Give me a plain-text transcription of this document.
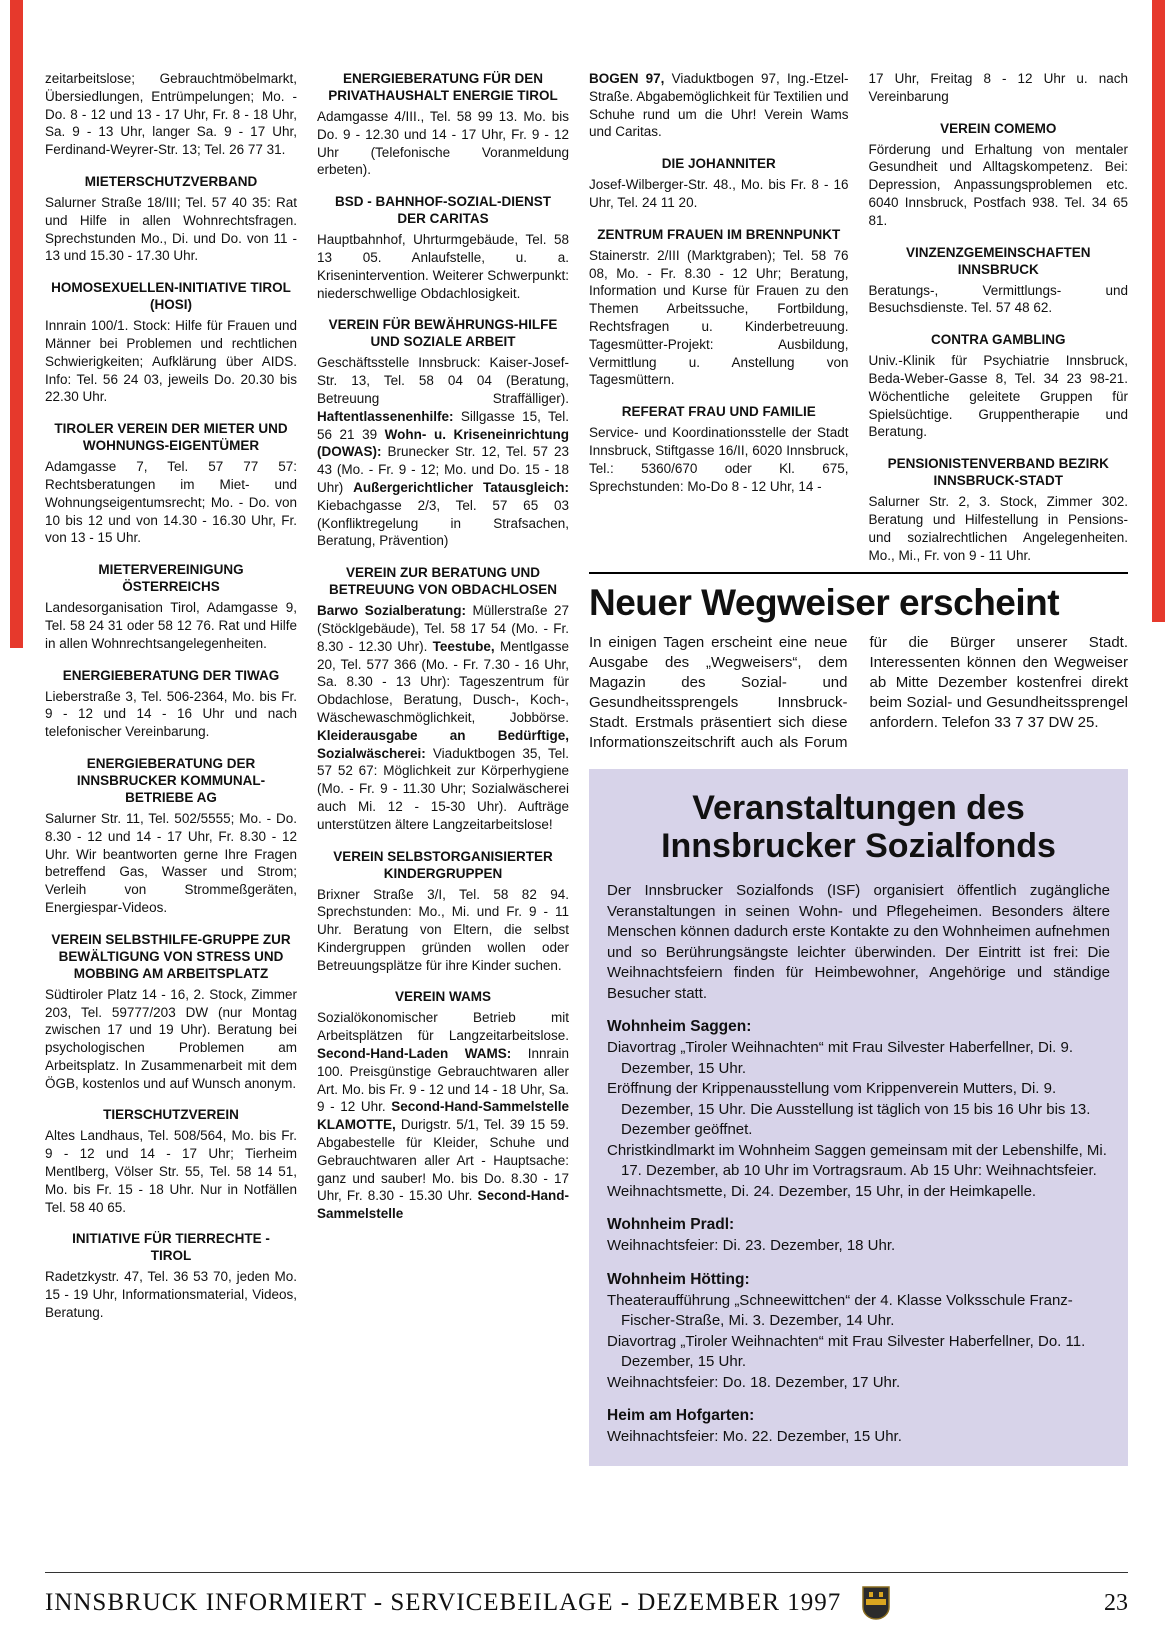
zeitarbeitslose; Gebrauchtmöbelmarkt, Übersiedlungen, Entrümpelungen; Mo. - Do. 8 - 12 und 13 - 17 Uhr, Fr. 8 - 18 Uhr, Sa. 9 - 13 Uhr, langer Sa. 9 - 17 Uhr, Ferdinand-Weyrer-Str. 13; Tel. 26 77 31.

MIETERSCHUTZVERBAND

Salurner Straße 18/III; Tel. 57 40 35: Rat und Hilfe in allen Wohnrechtsfragen. Sprechstunden Mo., Di. und Do. von 11 - 13 und 15.30 - 17.30 Uhr.

HOMOSEXUELLEN-INITIATIVE TIROL (HOSI)

Innrain 100/1. Stock: Hilfe für Frauen und Männer bei Problemen und rechtlichen Schwierigkeiten; Aufklärung über AIDS. Info: Tel. 56 24 03, jeweils Do. 20.30 bis 22.30 Uhr.

TIROLER VEREIN DER MIETER UND WOHNUNGS-EIGENTÜMER

Adamgasse 7, Tel. 57 77 57: Rechtsberatungen im Miet- und Wohnungseigentumsrecht; Mo. - Do. von 10 bis 12 und von 14.30 - 16.30 Uhr, Fr. von 13 - 15 Uhr.

MIETERVEREINIGUNG ÖSTERREICHS

Landesorganisation Tirol, Adamgasse 9, Tel. 58 24 31 oder 58 12 76. Rat und Hilfe in allen Wohnrechtsangelegenheiten.

ENERGIEBERATUNG DER TIWAG

Lieberstraße 3, Tel. 506-2364, Mo. bis Fr. 9 - 12 und 14 - 16 Uhr und nach telefonischer Vereinbarung.

ENERGIEBERATUNG DER INNSBRUCKER KOMMUNAL-BETRIEBE AG

Salurner Str. 11, Tel. 502/5555; Mo. - Do. 8.30 - 12 und 14 - 17 Uhr, Fr. 8.30 - 12 Uhr. Wir beantworten gerne Ihre Fragen betreffend Gas, Wasser und Strom; Verleih von Strommeßgeräten, Energiespar-Videos.

VEREIN SELBSTHILFE-GRUPPE ZUR BEWÄLTIGUNG VON STRESS UND MOBBING AM ARBEITSPLATZ

Südtiroler Platz 14 - 16, 2. Stock, Zimmer 203, Tel. 59777/203 DW (nur Montag zwischen 17 und 19 Uhr). Beratung bei psychologischen Problemen am Arbeitsplatz. In Zusammenarbeit mit dem ÖGB, kostenlos und auf Wunsch anonym.

TIERSCHUTZVEREIN

Altes Landhaus, Tel. 508/564, Mo. bis Fr. 9 - 12 und 14 - 17 Uhr; Tierheim Mentlberg, Völser Str. 55, Tel. 58 14 51, Mo. bis Fr. 15 - 18 Uhr. Nur in Notfällen Tel. 58 40 65.

INITIATIVE FÜR TIERRECHTE - TIROL

Radetzkystr. 47, Tel. 36 53 70, jeden Mo. 15 - 19 Uhr, Informationsmaterial, Videos, Beratung.

ENERGIEBERATUNG FÜR DEN PRIVATHAUSHALT ENERGIE TIROL

Adamgasse 4/III., Tel. 58 99 13. Mo. bis Do. 9 - 12.30 und 14 - 17 Uhr, Fr. 9 - 12 Uhr (Telefonische Voranmeldung erbeten).

BSD - BAHNHOF-SOZIAL-DIENST DER CARITAS

Hauptbahnhof, Uhrturmgebäude, Tel. 58 13 05. Anlaufstelle, u. a. Krisenintervention. Weiterer Schwerpunkt: niederschwellige Obdachlosigkeit.

VEREIN FÜR BEWÄHRUNGS-HILFE UND SOZIALE ARBEIT

Geschäftsstelle Innsbruck: Kaiser-Josef-Str. 13, Tel. 58 04 04 (Beratung, Betreuung Straffälliger). Haftentlassenenhilfe: Sillgasse 15, Tel. 56 21 39 Wohn- u. Kriseneinrichtung (DOWAS): Brunecker Str. 12, Tel. 57 23 43 (Mo. - Fr. 9 - 12; Mo. und Do. 15 - 18 Uhr) Außergerichtlicher Tatausgleich: Kiebachgasse 2/3, Tel. 57 65 03 (Konfliktregelung in Strafsachen, Beratung, Prävention)

VEREIN ZUR BERATUNG UND BETREUUNG VON OBDACHLOSEN

Barwo Sozialberatung: Müllerstraße 27 (Stöcklgebäude), Tel. 58 17 54 (Mo. - Fr. 8.30 - 12.30 Uhr). Teestube, Mentlgasse 20, Tel. 577 366 (Mo. - Fr. 7.30 - 16 Uhr, Sa. 8.30 - 13 Uhr): Tageszentrum für Obdachlose, Beratung, Dusch-, Koch-, Wäschewaschmöglichkeit, Jobbörse. Kleiderausgabe an Bedürftige, Sozialwäscherei: Viaduktbogen 35, Tel. 57 52 67: Möglichkeit zur Körperhygiene (Mo. - Fr. 9 - 11.30 Uhr; Sozialwäscherei auch Mi. 12 - 15-30 Uhr). Aufträge unterstützen ältere Langzeitarbeitslose!

VEREIN SELBSTORGANISIERTER KINDERGRUPPEN

Brixner Straße 3/I, Tel. 58 82 94. Sprechstunden: Mo., Mi. und Fr. 9 - 11 Uhr. Beratung von Eltern, die selbst Kindergruppen gründen wollen oder Betreuungsplätze für ihre Kinder suchen.

VEREIN WAMS

Sozialökonomischer Betrieb mit Arbeitsplätzen für Langzeitarbeitslose. Second-Hand-Laden WAMS: Innrain 100. Preisgünstige Gebrauchtwaren aller Art. Mo. bis Fr. 9 - 12 und 14 - 18 Uhr, Sa. 9 - 12 Uhr. Second-Hand-Sammelstelle KLAMOTTE, Durigstr. 5/1, Tel. 39 15 59. Abgabestelle für Kleider, Schuhe und Gebrauchtwaren aller Art - Hauptsache: ganz und sauber! Mo. bis Do. 8.30 - 17 Uhr, Fr. 8.30 - 15.30 Uhr. Second-Hand-Sammelstelle

BOGEN 97, Viaduktbogen 97, Ing.-Etzel-Straße. Abgabemöglichkeit für Textilien und Schuhe rund um die Uhr! Verein Wams und Caritas.

DIE JOHANNITER

Josef-Wilberger-Str. 48., Mo. bis Fr. 8 - 16 Uhr, Tel. 24 11 20.

ZENTRUM FRAUEN IM BRENNPUNKT

Stainerstr. 2/III (Marktgraben); Tel. 58 76 08, Mo. - Fr. 8.30 - 12 Uhr; Beratung, Information und Kurse für Frauen zu den Themen Arbeitssuche, Fortbildung, Rechtsfragen u. Kinderbetreuung. Tagesmütter-Projekt: Ausbildung, Vermittlung u. Anstellung von Tagesmüttern.

REFERAT FRAU UND FAMILIE

Service- und Koordinationsstelle der Stadt Innsbruck, Stiftgasse 16/II, 6020 Innsbruck, Tel.: 5360/670 oder Kl. 675, Sprechstunden: Mo-Do 8 - 12 Uhr, 14 -

17 Uhr, Freitag 8 - 12 Uhr u. nach Vereinbarung

VEREIN COMEMO

Förderung und Erhaltung von mentaler Gesundheit und Alltagskompetenz. Bei: Depression, Anpassungsproblemen etc. 6040 Innsbruck, Postfach 938. Tel. 34 65 81.

VINZENZGEMEINSCHAFTEN INNSBRUCK

Beratungs-, Vermittlungs- und Besuchsdienste. Tel. 57 48 62.

CONTRA GAMBLING

Univ.-Klinik für Psychiatrie Innsbruck, Beda-Weber-Gasse 8, Tel. 34 23 98-21. Wöchentliche geleitete Gruppen für Spielsüchtige. Gruppentherapie und Beratung.

PENSIONISTENVERBAND BEZIRK INNSBRUCK-STADT

Salurner Str. 2, 3. Stock, Zimmer 302. Beratung und Hilfestellung in Pensions- und sozialrechtlichen Angelegenheiten. Mo., Mi., Fr. von 9 - 11 Uhr.

Neuer Wegweiser erscheint
In einigen Tagen erscheint eine neue Ausgabe des „Wegweisers“, dem Magazin des Sozial- und Gesundheitssprengels Innsbruck-Stadt. Erstmals präsentiert sich diese Informationszeitschrift auch als Forum für die Bürger unserer Stadt. Interessenten können den Wegweiser ab Mitte Dezember kostenfrei direkt beim Sozial- und Gesundheitssprengel anfordern. Telefon 33 7 37 DW 25.
Veranstaltungen des
Innsbrucker Sozialfonds

Der Innsbrucker Sozialfonds (ISF) organisiert öffentlich zugängliche Veranstaltungen in seinen Wohn- und Pflegeheimen. Besonders ältere Menschen können dadurch erste Kontakte zu den Wohnheimen aufnehmen und so Berührungsängste leichter überwinden. Der Eintritt ist frei: Die Weihnachtsfeiern finden für Heimbewohner, Angehörige und ständige Besucher statt.

Wohnheim Saggen:

Diavortrag „Tiroler Weihnachten“ mit Frau Silvester Haberfellner, Di. 9. Dezember, 15 Uhr.

Eröffnung der Krippenausstellung vom Krippenverein Mutters, Di. 9. Dezember, 15 Uhr. Die Ausstellung ist täglich von 15 bis 16 Uhr bis 13. Dezember geöffnet.

Christkindlmarkt im Wohnheim Saggen gemeinsam mit der Lebenshilfe, Mi. 17. Dezember, ab 10 Uhr im Vortragsraum. Ab 15 Uhr: Weihnachtsfeier.

Weihnachtsmette, Di. 24. Dezember, 15 Uhr, in der Heimkapelle.

Wohnheim Pradl:

Weihnachtsfeier: Di. 23. Dezember, 18 Uhr.

Wohnheim Hötting:

Theateraufführung „Schneewittchen“ der 4. Klasse Volksschule Franz-Fischer-Straße, Mi. 3. Dezember, 14 Uhr.

Diavortrag „Tiroler Weihnachten“ mit Frau Silvester Haberfellner, Do. 11. Dezember, 15 Uhr.

Weihnachtsfeier: Do. 18. Dezember, 17 Uhr.

Heim am Hofgarten:

Weihnachtsfeier: Mo. 22. Dezember, 15 Uhr.

INNSBRUCK INFORMIERT - SERVICEBEILAGE - DEZEMBER 1997	23
